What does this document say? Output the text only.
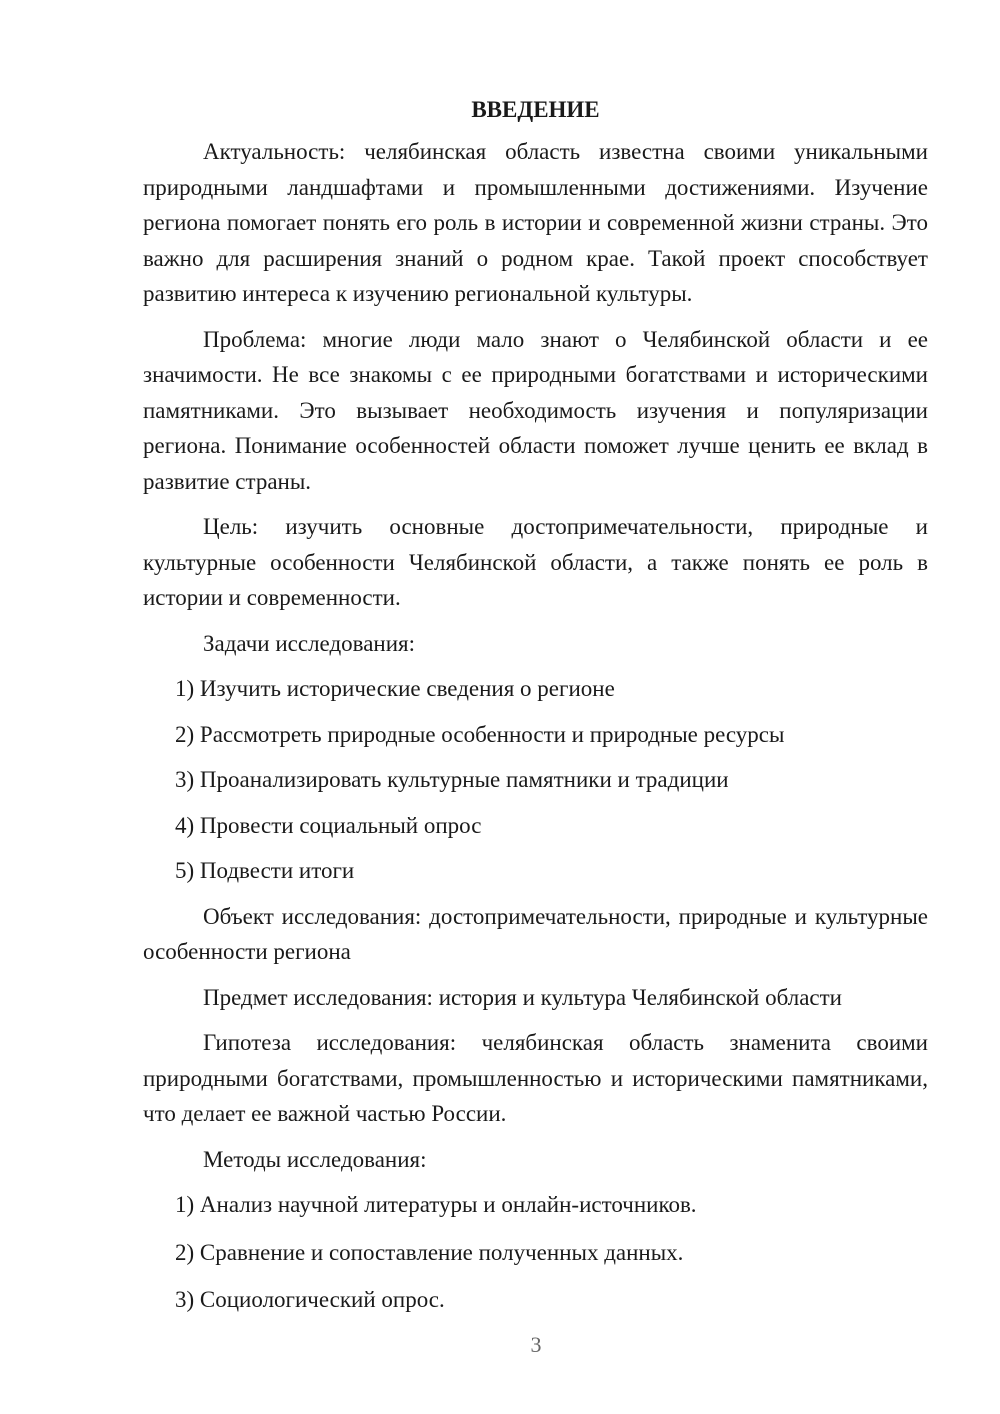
ВВЕДЕНИЕ

Актуальность: челябинская область известна своими уникальными природными ландшафтами и промышленными достижениями. Изучение региона помогает понять его роль в истории и современной жизни страны. Это важно для расширения знаний о родном крае. Такой проект способствует развитию интереса к изучению региональной культуры.

Проблема: многие люди мало знают о Челябинской области и ее значимости. Не все знакомы с ее природными богатствами и историческими памятниками. Это вызывает необходимость изучения и популяризации региона. Понимание особенностей области поможет лучше ценить ее вклад в развитие страны.

Цель: изучить основные достопримечательности, природные и культурные особенности Челябинской области, а также понять ее роль в истории и современности.

Задачи исследования:

1) Изучить исторические сведения о регионе
2) Рассмотреть природные особенности и природные ресурсы
3) Проанализировать культурные памятники и традиции
4) Провести социальный опрос
5) Подвести итоги

Объект исследования: достопримечательности, природные и культурные особенности региона

Предмет исследования: история и культура Челябинской области

Гипотеза исследования: челябинская область знаменита своими природными богатствами, промышленностью и историческими памятниками, что делает ее важной частью России.

Методы исследования:

1) Анализ научной литературы и онлайн-источников.
2) Сравнение и сопоставление полученных данных.
3) Социологический опрос.
3
